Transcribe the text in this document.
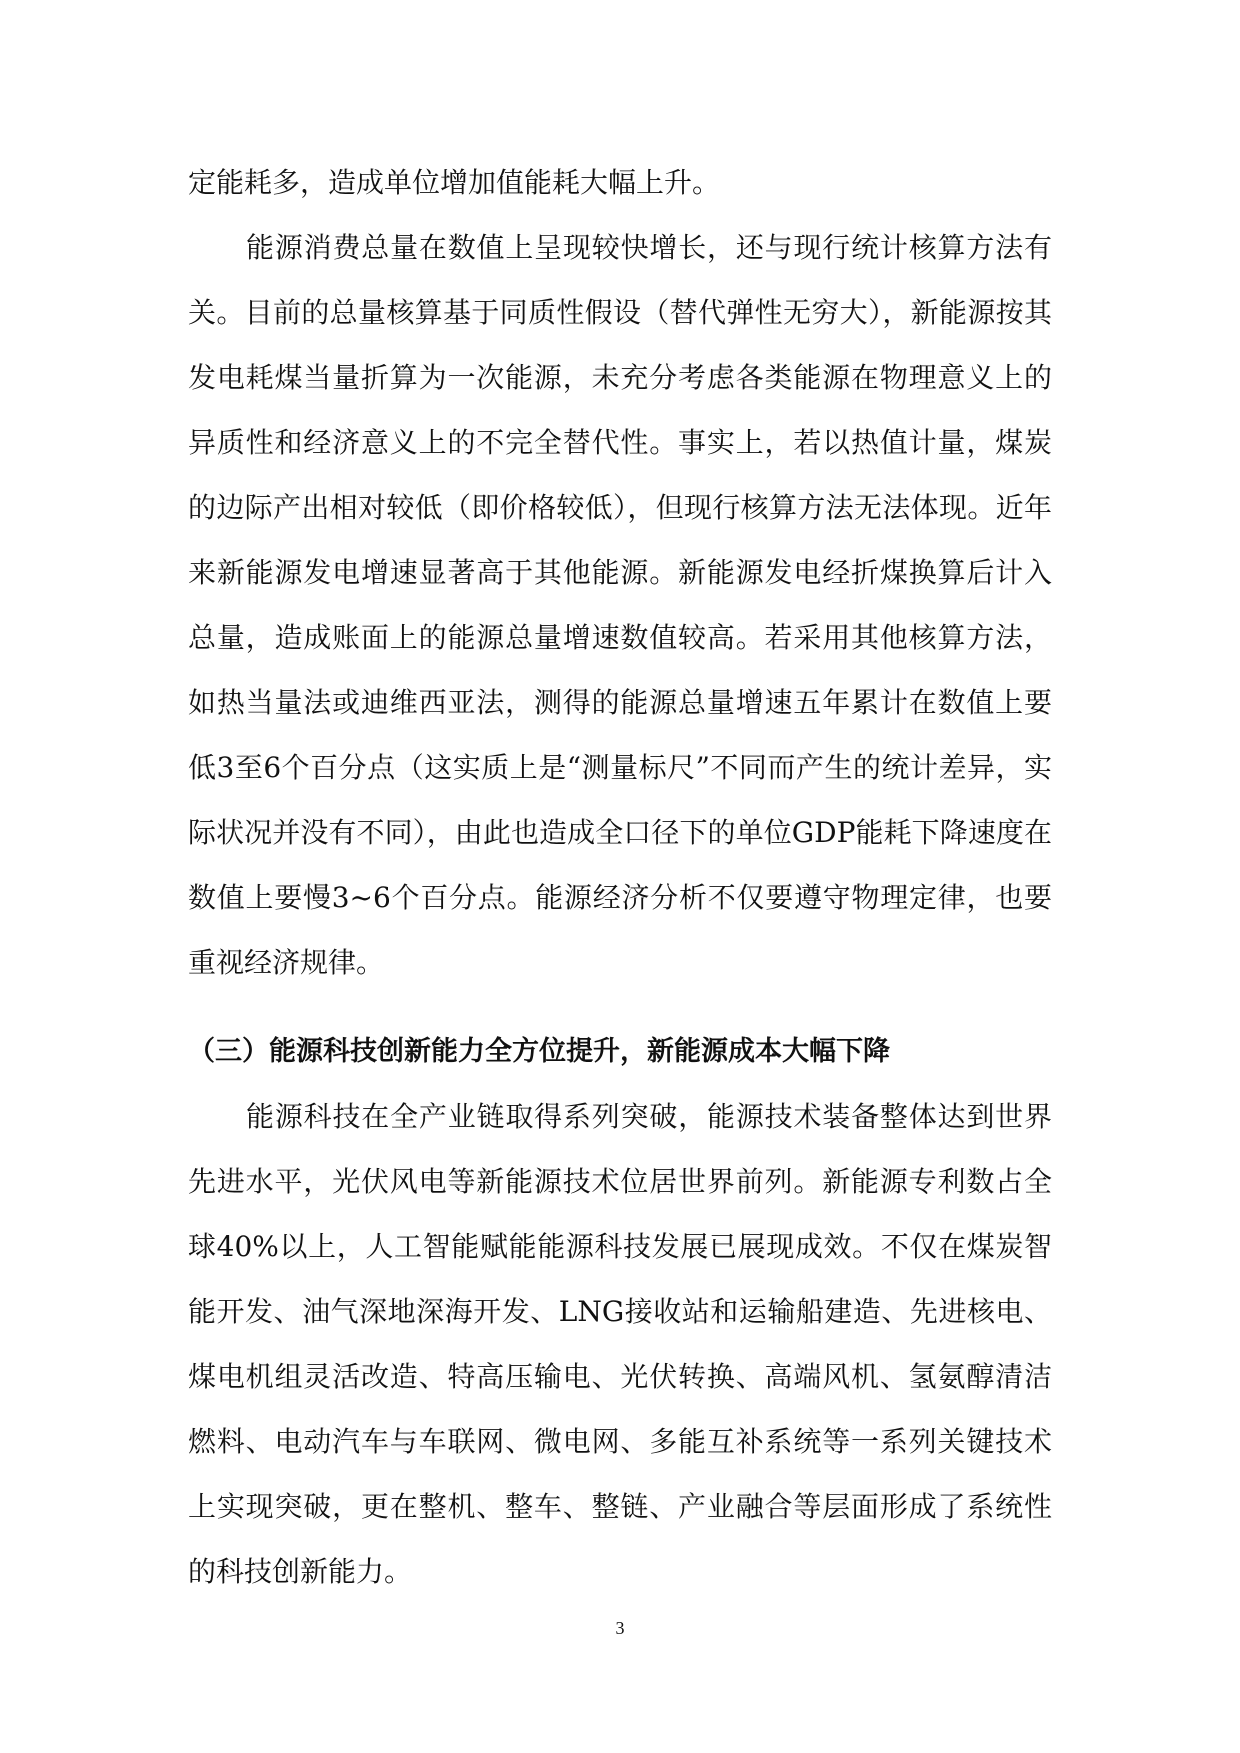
定能耗多，造成单位增加值能耗大幅上升。

能源消费总量在数值上呈现较快增长，还与现行统计核算方法有关。目前的总量核算基于同质性假设（替代弹性无穷大），新能源按其发电耗煤当量折算为一次能源，未充分考虑各类能源在物理意义上的异质性和经济意义上的不完全替代性。事实上，若以热值计量，煤炭的边际产出相对较低（即价格较低），但现行核算方法无法体现。近年来新能源发电增速显著高于其他能源。新能源发电经折煤换算后计入总量，造成账面上的能源总量增速数值较高。若采用其他核算方法，如热当量法或迪维西亚法，测得的能源总量增速五年累计在数值上要低3至6个百分点（这实质上是“测量标尺”不同而产生的统计差异，实际状况并没有不同），由此也造成全口径下的单位GDP能耗下降速度在数值上要慢3~6个百分点。能源经济分析不仅要遵守物理定律，也要重视经济规律。

（三）能源科技创新能力全方位提升，新能源成本大幅下降

能源科技在全产业链取得系列突破，能源技术装备整体达到世界先进水平，光伏风电等新能源技术位居世界前列。新能源专利数占全球40%以上，人工智能赋能能源科技发展已展现成效。不仅在煤炭智能开发、油气深地深海开发、LNG接收站和运输船建造、先进核电、煤电机组灵活改造、特高压输电、光伏转换、高端风机、氢氨醇清洁燃料、电动汽车与车联网、微电网、多能互补系统等一系列关键技术上实现突破，更在整机、整车、整链、产业融合等层面形成了系统性的科技创新能力。

3
